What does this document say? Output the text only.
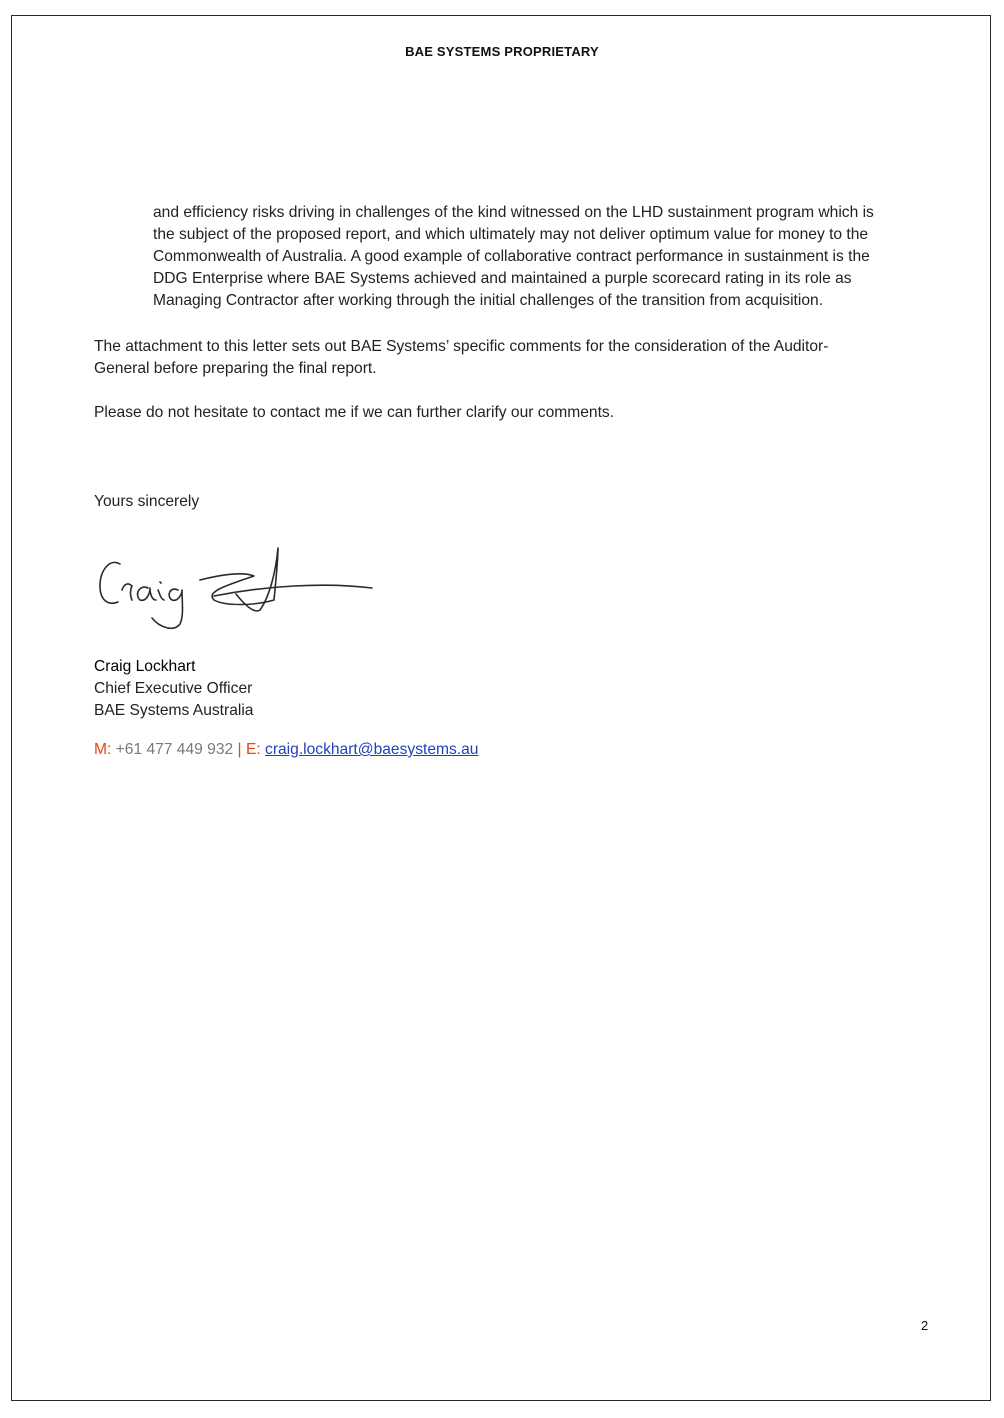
BAE SYSTEMS PROPRIETARY

and efficiency risks driving in challenges of the kind witnessed on the LHD sustainment program which is
the subject of the proposed report, and which ultimately may not deliver optimum value for money to the
Commonwealth of Australia. A good example of collaborative contract performance in sustainment is the
DDG Enterprise where BAE Systems achieved and maintained a purple scorecard rating in its role as
Managing Contractor after working through the initial challenges of the transition from acquisition.

The attachment to this letter sets out BAE Systems’ specific comments for the consideration of the Auditor-
General before preparing the final report.

Please do not hesitate to contact me if we can further clarify our comments.

Yours sincerely

Craig Lockhart
Chief Executive Officer
BAE Systems Australia
M: +61 477 449 932 | E: craig.lockhart@baesystems.au
2
